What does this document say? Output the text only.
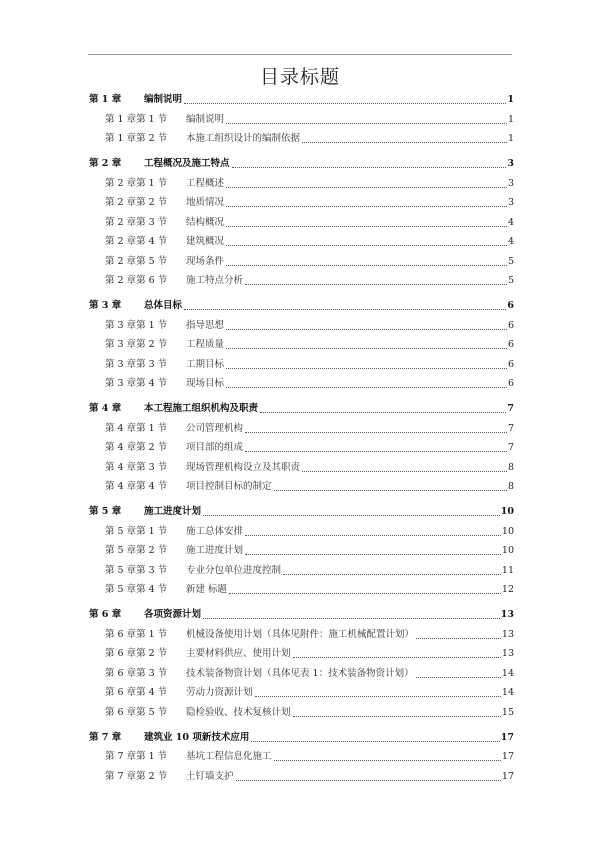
目录标题
第 1 章	编制说明	1
第 1 章第 1 节	编制说明	1
第 1 章第 2 节	本施工组织设计的编制依据	1
第 2 章	工程概况及施工特点	3
第 2 章第 1 节	工程概述	3
第 2 章第 2 节	地质情况	3
第 2 章第 3 节	结构概况	4
第 2 章第 4 节	建筑概况	4
第 2 章第 5 节	现场条件	5
第 2 章第 6 节	施工特点分析	5
第 3 章	总体目标	6
第 3 章第 1 节	指导思想	6
第 3 章第 2 节	工程质量	6
第 3 章第 3 节	工期目标	6
第 3 章第 4 节	现场目标	6
第 4 章	本工程施工组织机构及职责	7
第 4 章第 1 节	公司管理机构	7
第 4 章第 2 节	项目部的组成	7
第 4 章第 3 节	现场管理机构设立及其职责	8
第 4 章第 4 节	项目控制目标的制定	8
第 5 章	施工进度计划	10
第 5 章第 1 节	施工总体安排	10
第 5 章第 2 节	施工进度计划	10
第 5 章第 3 节	专业分包单位进度控制	11
第 5 章第 4 节	新建 标题	12
第 6 章	各项资源计划	13
第 6 章第 1 节	机械设备使用计划（具体见附件：施工机械配置计划）	13
第 6 章第 2 节	主要材料供应、使用计划	13
第 6 章第 3 节	技术装备物资计划（具体见表 1：技术装备物资计划）	14
第 6 章第 4 节	劳动力资源计划	14
第 6 章第 5 节	隐检验收、技术复核计划	15
第 7 章	建筑业 10 项新技术应用	17
第 7 章第 1 节	基坑工程信息化施工	17
第 7 章第 2 节	土钉墙支护	17
